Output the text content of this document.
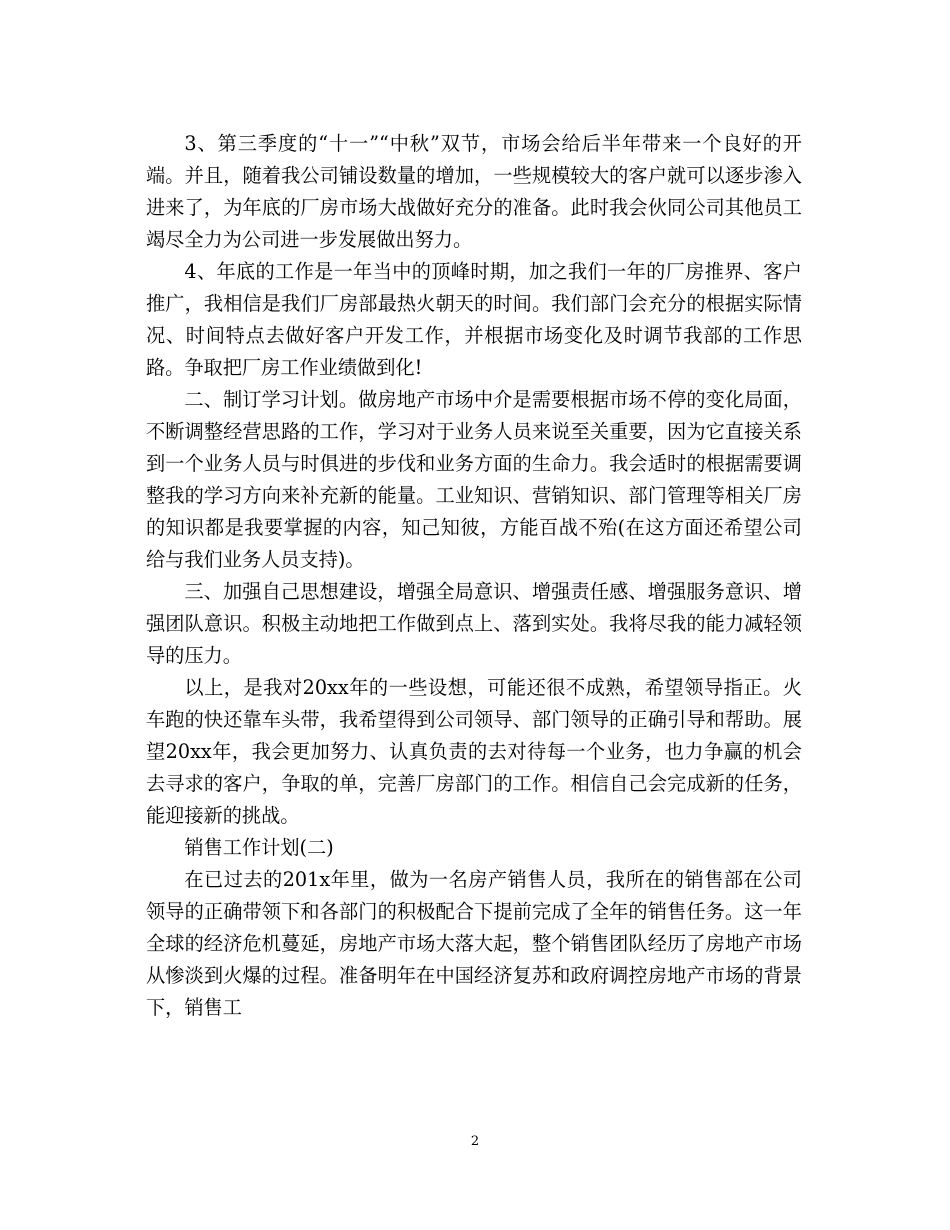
3、第三季度的“十一”“中秋”双节，市场会给后半年带来一个良好的开端。并且，随着我公司铺设数量的增加，一些规模较大的客户就可以逐步渗入进来了，为年底的厂房市场大战做好充分的准备。此时我会伙同公司其他员工竭尽全力为公司进一步发展做出努力。

4、年底的工作是一年当中的顶峰时期，加之我们一年的厂房推界、客户推广，我相信是我们厂房部最热火朝天的时间。我们部门会充分的根据实际情况、时间特点去做好客户开发工作，并根据市场变化及时调节我部的工作思路。争取把厂房工作业绩做到化!

二、制订学习计划。做房地产市场中介是需要根据市场不停的变化局面，不断调整经营思路的工作，学习对于业务人员来说至关重要，因为它直接关系到一个业务人员与时俱进的步伐和业务方面的生命力。我会适时的根据需要调整我的学习方向来补充新的能量。工业知识、营销知识、部门管理等相关厂房的知识都是我要掌握的内容，知己知彼，方能百战不殆(在这方面还希望公司给与我们业务人员支持)。

三、加强自己思想建设，增强全局意识、增强责任感、增强服务意识、增强团队意识。积极主动地把工作做到点上、落到实处。我将尽我的能力减轻领导的压力。

以上，是我对20xx年的一些设想，可能还很不成熟，希望领导指正。火车跑的快还靠车头带，我希望得到公司领导、部门领导的正确引导和帮助。展望20xx年，我会更加努力、认真负责的去对待每一个业务，也力争赢的机会去寻求的客户，争取的单，完善厂房部门的工作。相信自己会完成新的任务，能迎接新的挑战。

销售工作计划(二)

在已过去的201x年里，做为一名房产销售人员，我所在的销售部在公司领导的正确带领下和各部门的积极配合下提前完成了全年的销售任务。这一年全球的经济危机蔓延，房地产市场大落大起，整个销售团队经历了房地产市场从惨淡到火爆的过程。准备明年在中国经济复苏和政府调控房地产市场的背景下，销售工

2
